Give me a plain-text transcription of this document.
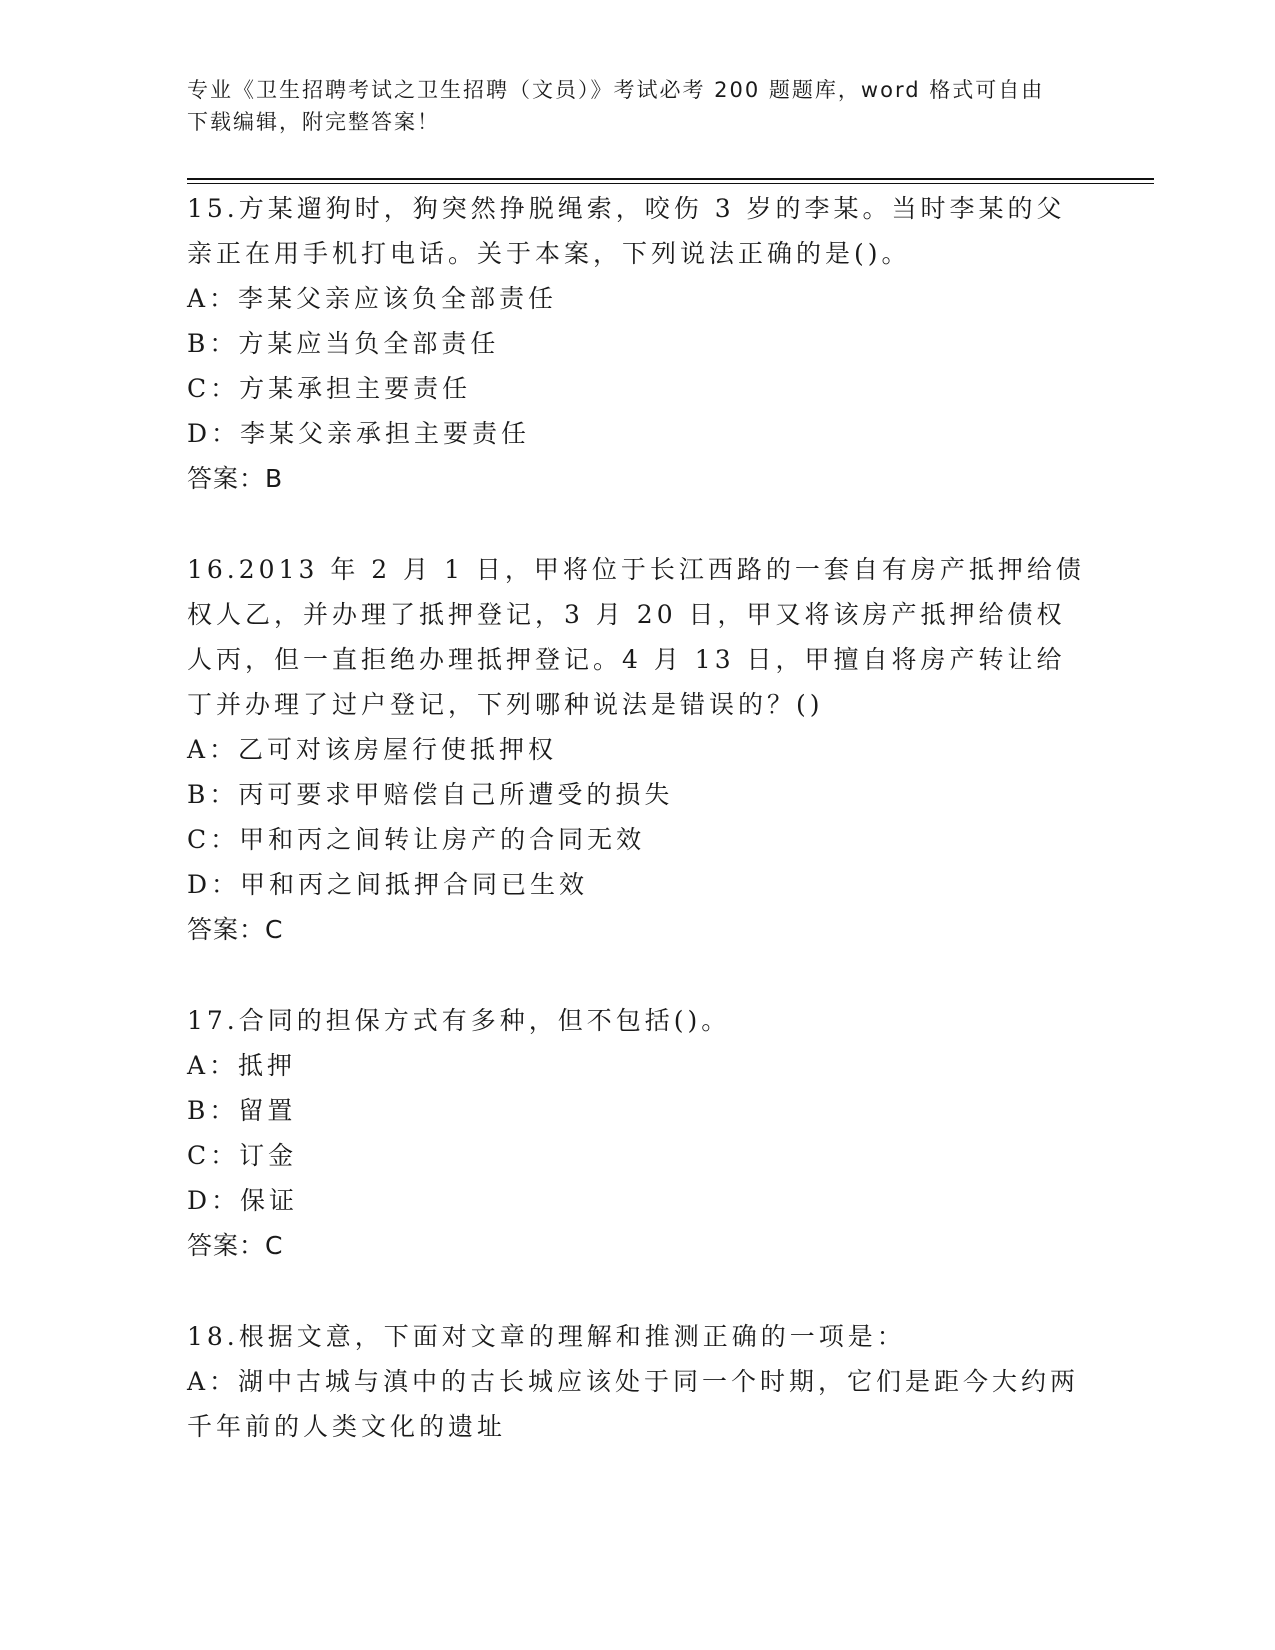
专业《卫生招聘考试之卫生招聘（文员）》考试必考 200 题题库，word 格式可自由下载编辑，附完整答案！

15.方某遛狗时，狗突然挣脱绳索，咬伤 3 岁的李某。当时李某的父亲正在用手机打电话。关于本案，下列说法正确的是()。

A：李某父亲应该负全部责任

B：方某应当负全部责任

C：方某承担主要责任

D：李某父亲承担主要责任

答案：B

16.2013 年 2 月 1 日，甲将位于长江西路的一套自有房产抵押给债权人乙，并办理了抵押登记，3 月 20 日，甲又将该房产抵押给债权人丙，但一直拒绝办理抵押登记。4 月 13 日，甲擅自将房产转让给丁并办理了过户登记，下列哪种说法是错误的？()

A：乙可对该房屋行使抵押权

B：丙可要求甲赔偿自己所遭受的损失

C：甲和丙之间转让房产的合同无效

D：甲和丙之间抵押合同已生效

答案：C

17.合同的担保方式有多种，但不包括()。

A：抵押

B：留置

C：订金

D：保证

答案：C

18.根据文意，下面对文章的理解和推测正确的一项是：

A：湖中古城与滇中的古长城应该处于同一个时期，它们是距今大约两千年前的人类文化的遗址
